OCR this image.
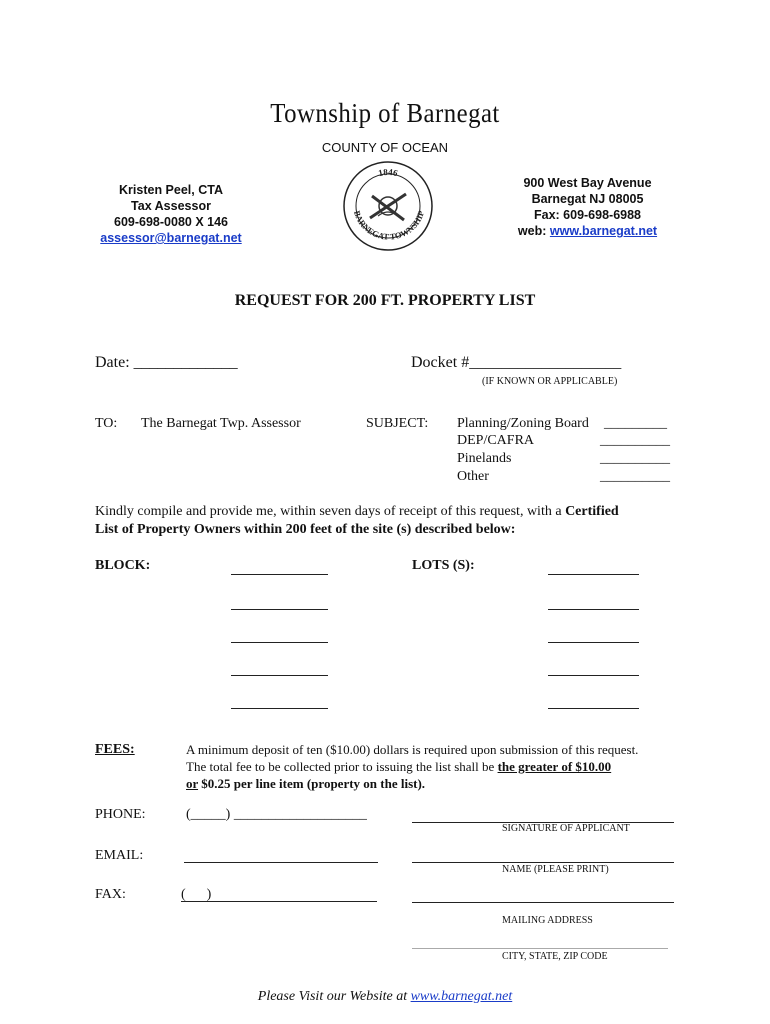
Township of Barnegat
COUNTY OF OCEAN
Kristen Peel, CTA
Tax Assessor
609-698-0080 X 146
assessor@barnegat.net
1846
BARNEGAT TOWNSHIP
900 West Bay Avenue
Barnegat NJ 08005
Fax: 609-698-6988
web: www.barnegat.net
REQUEST FOR 200 FT. PROPERTY LIST
Date: _____________	Docket #___________________
(IF KNOWN OR APPLICABLE)
TO: The Barnegat Twp. Assessor	SUBJECT: Planning/Zoning Board _________
DEP/CAFRA	__________
Pinelands	__________
Other	__________
Kindly compile and provide me, within seven days of receipt of this request, with a Certified
List of Property Owners within 200 feet of the site (s) described below:
BLOCK:	LOTS (S):
FEES:	A minimum deposit of ten ($10.00) dollars is required upon submission of this request.
The total fee to be collected prior to issuing the list shall be the greater of $10.00
or $0.25 per line item (property on the list).
PHONE:	(_____) ___________________
EMAIL:
FAX:	(      )
SIGNATURE OF APPLICANT
NAME (PLEASE PRINT)
MAILING ADDRESS
CITY, STATE, ZIP CODE
Please Visit our Website at www.barnegat.net
